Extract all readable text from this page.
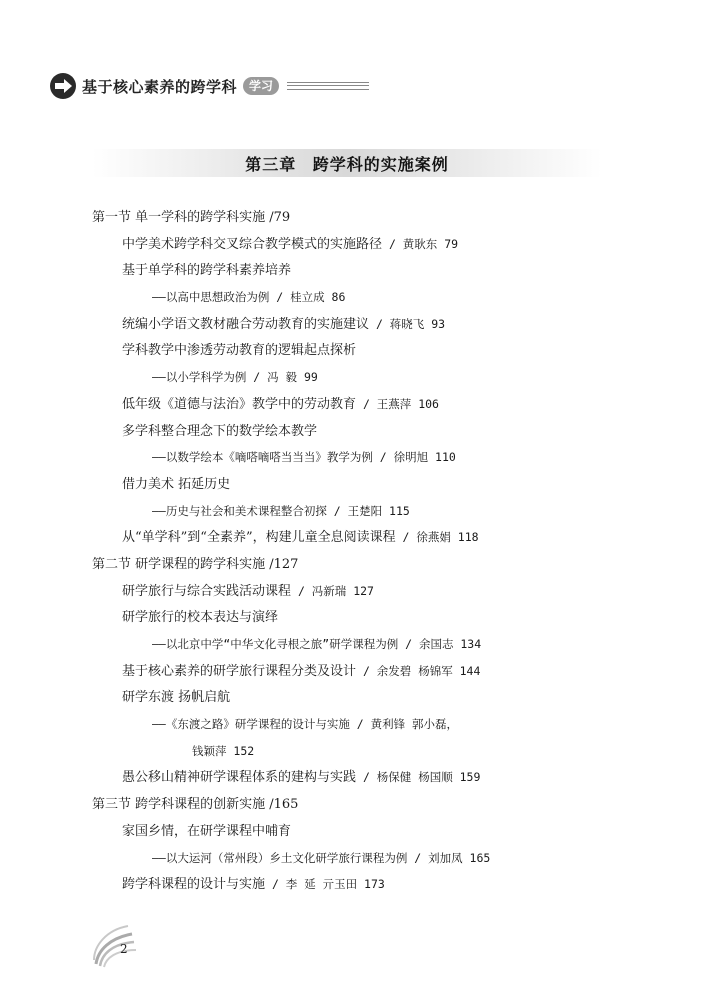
基于核心素养的跨学科	学习
第三章 跨学科的实施案例
第一节 单一学科的跨学科实施 /79
中学美术跨学科交叉综合教学模式的实施路径 / 黄耿东 79
基于单学科的跨学科素养培养
——以高中思想政治为例 / 桂立成 86
统编小学语文教材融合劳动教育的实施建议 / 蒋晓飞 93
学科教学中渗透劳动教育的逻辑起点探析
——以小学科学为例 / 冯 毅 99
低年级《道德与法治》教学中的劳动教育 / 王燕萍 106
多学科整合理念下的数学绘本教学
——以数学绘本《嘀嗒嘀嗒当当当》教学为例 / 徐明旭 110
借力美术 拓延历史
——历史与社会和美术课程整合初探 / 王楚阳 115
从“单学科”到“全素养”，构建儿童全息阅读课程 / 徐燕娟 118
第二节 研学课程的跨学科实施 /127
研学旅行与综合实践活动课程 / 冯新瑞 127
研学旅行的校本表达与演绎
——以北京中学“中华文化寻根之旅”研学课程为例 / 余国志 134
基于核心素养的研学旅行课程分类及设计 / 余发碧 杨锦军 144
研学东渡 扬帆启航
——《东渡之路》研学课程的设计与实施 / 黄利锋 郭小磊，
钱颖萍 152
愚公移山精神研学课程体系的建构与实践 / 杨保健 杨国顺 159
第三节 跨学科课程的创新实施 /165
家国乡情，在研学课程中哺育
——以大运河（常州段）乡土文化研学旅行课程为例 / 刘加凤 165
跨学科课程的设计与实施 / 李 延 亓玉田 173
2
